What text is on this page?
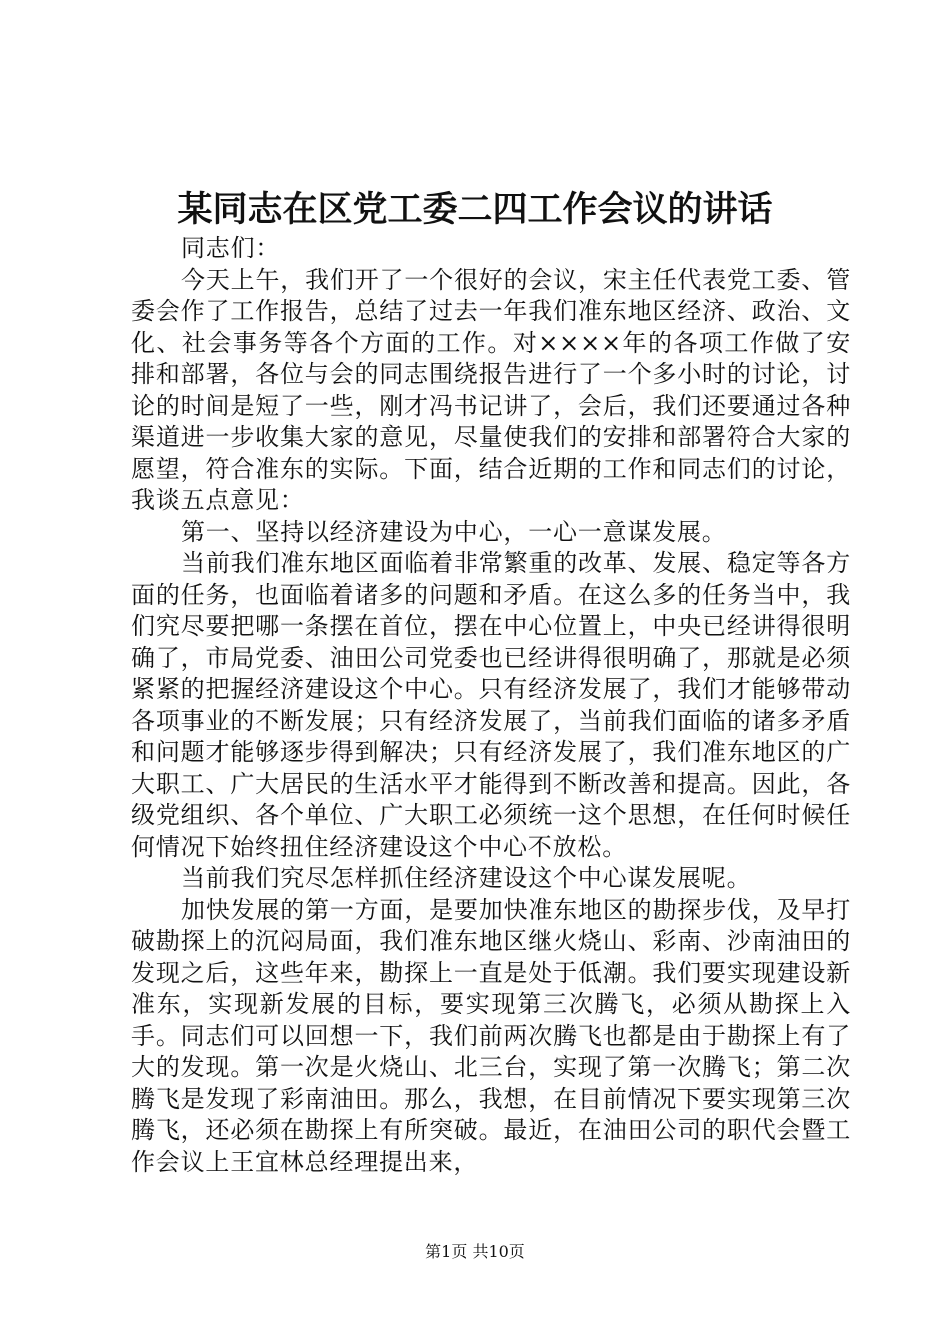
某同志在区党工委二四工作会议的讲话

同志们：

今天上午，我们开了一个很好的会议，宋主任代表党工委、管委会作了工作报告，总结了过去一年我们准东地区经济、政治、文化、社会事务等各个方面的工作。对××××年的各项工作做了安排和部署，各位与会的同志围绕报告进行了一个多小时的讨论，讨论的时间是短了一些，刚才冯书记讲了，会后，我们还要通过各种渠道进一步收集大家的意见，尽量使我们的安排和部署符合大家的愿望，符合准东的实际。下面，结合近期的工作和同志们的讨论，我谈五点意见：

第一、坚持以经济建设为中心，一心一意谋发展。

当前我们准东地区面临着非常繁重的改革、发展、稳定等各方面的任务，也面临着诸多的问题和矛盾。在这么多的任务当中，我们究尽要把哪一条摆在首位，摆在中心位置上，中央已经讲得很明确了，市局党委、油田公司党委也已经讲得很明确了，那就是必须紧紧的把握经济建设这个中心。只有经济发展了，我们才能够带动各项事业的不断发展；只有经济发展了，当前我们面临的诸多矛盾和问题才能够逐步得到解决；只有经济发展了，我们准东地区的广大职工、广大居民的生活水平才能得到不断改善和提高。因此，各级党组织、各个单位、广大职工必须统一这个思想，在任何时候任何情况下始终扭住经济建设这个中心不放松。

当前我们究尽怎样抓住经济建设这个中心谋发展呢。

加快发展的第一方面，是要加快准东地区的勘探步伐，及早打破勘探上的沉闷局面，我们准东地区继火烧山、彩南、沙南油田的发现之后，这些年来，勘探上一直是处于低潮。我们要实现建设新准东，实现新发展的目标，要实现第三次腾飞，必须从勘探上入手。同志们可以回想一下，我们前两次腾飞也都是由于勘探上有了大的发现。第一次是火烧山、北三台，实现了第一次腾飞；第二次腾飞是发现了彩南油田。那么，我想，在目前情况下要实现第三次腾飞，还必须在勘探上有所突破。最近，在油田公司的职代会暨工作会议上王宜林总经理提出来，

第1页 共10页
